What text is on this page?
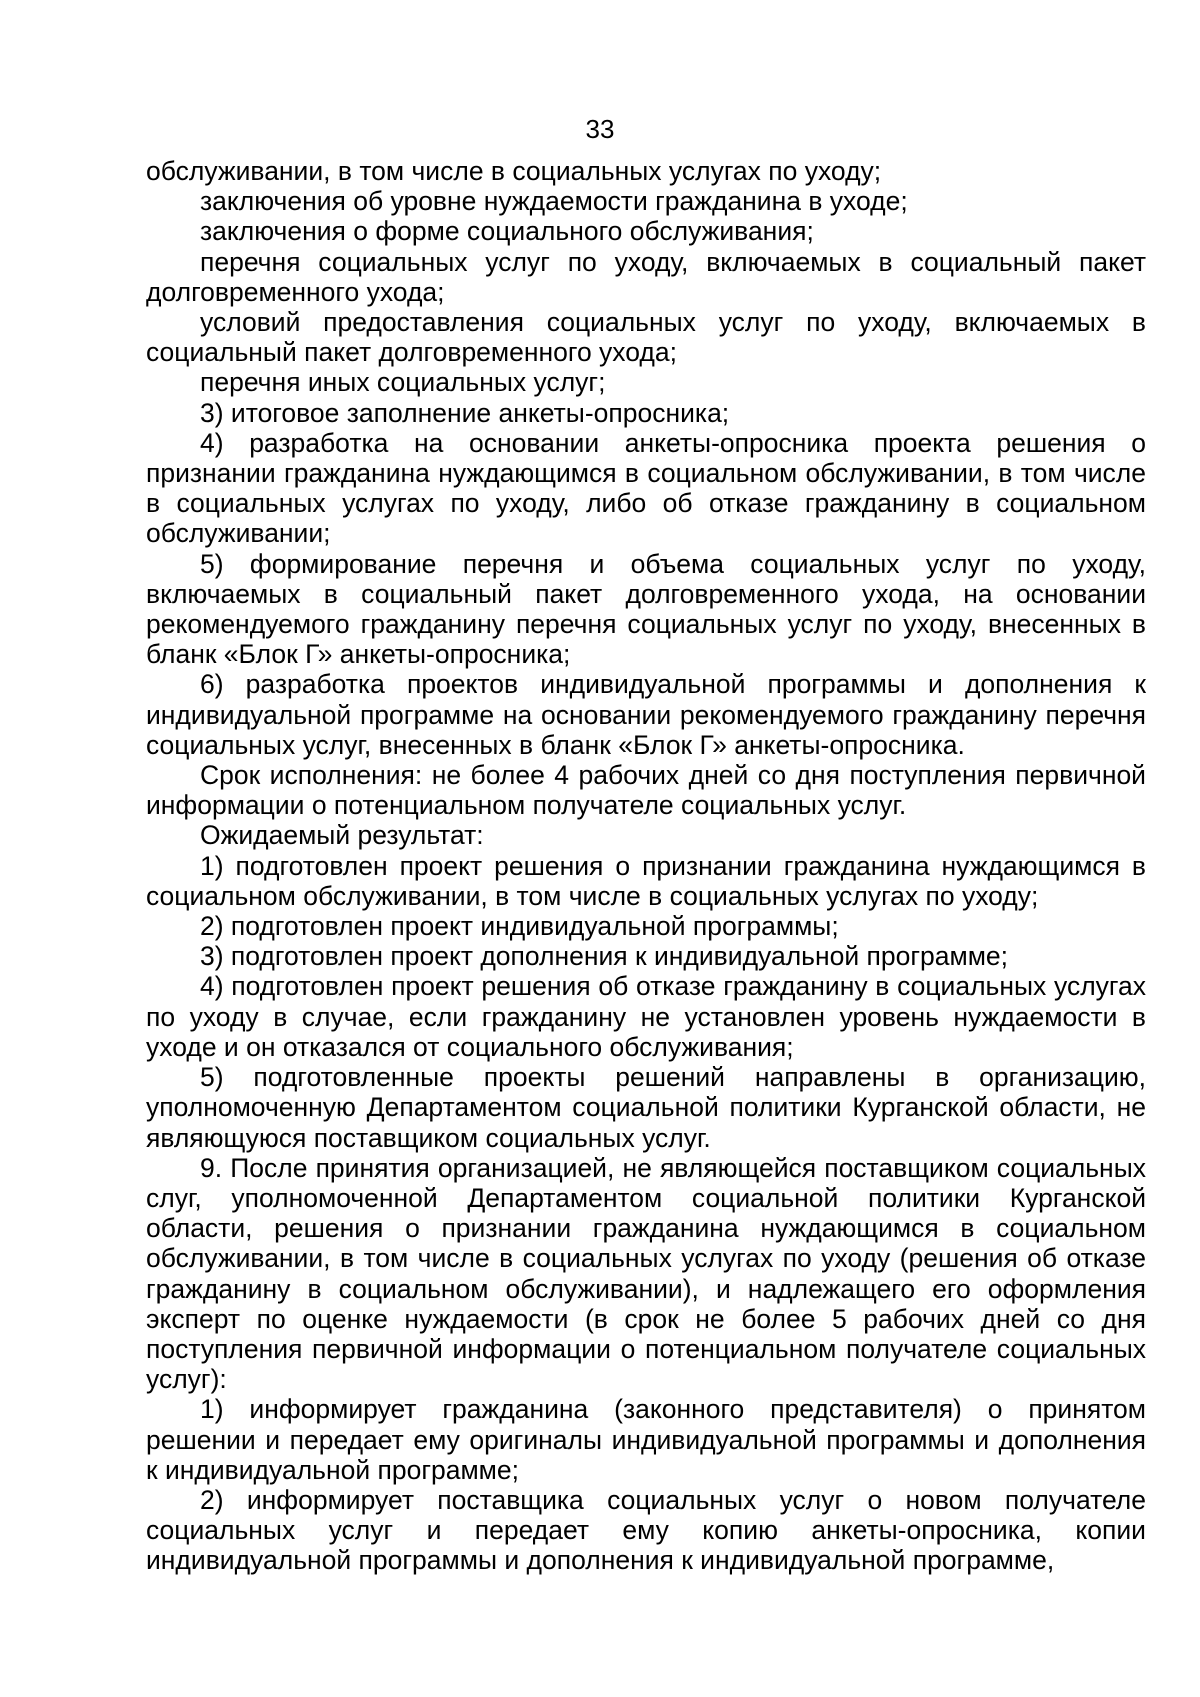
33

обслуживании, в том числе в социальных услугах по уходу;

заключения об уровне нуждаемости гражданина в уходе;

заключения о форме социального обслуживания;

перечня социальных услуг по уходу, включаемых в социальный пакет долговременного ухода;

условий предоставления социальных услуг по уходу, включаемых в социальный пакет долговременного ухода;

перечня иных социальных услуг;

3) итоговое заполнение анкеты-опросника;

4) разработка на основании анкеты-опросника проекта решения о признании гражданина нуждающимся в социальном обслуживании, в том числе в социальных услугах по уходу, либо об отказе гражданину в социальном обслуживании;

5) формирование перечня и объема социальных услуг по уходу, включаемых в социальный пакет долговременного ухода, на основании рекомендуемого гражданину перечня социальных услуг по уходу, внесенных в бланк «Блок Г» анкеты-опросника;

6) разработка проектов индивидуальной программы и дополнения к индивидуальной программе на основании рекомендуемого гражданину перечня социальных услуг, внесенных в бланк «Блок Г» анкеты-опросника.

Срок исполнения: не более 4 рабочих дней со дня поступления первичной информации о потенциальном получателе социальных услуг.

Ожидаемый результат:

1) подготовлен проект решения о признании гражданина нуждающимся в социальном обслуживании, в том числе в социальных услугах по уходу;

2) подготовлен проект индивидуальной программы;

3) подготовлен проект дополнения к индивидуальной программе;

4) подготовлен проект решения об отказе гражданину в социальных услугах по уходу в случае, если гражданину не установлен уровень нуждаемости в уходе и он отказался от социального обслуживания;

5) подготовленные проекты решений направлены в организацию, уполномоченную Департаментом социальной политики Курганской области, не являющуюся поставщиком социальных услуг.

9. После принятия организацией, не являющейся поставщиком социальных слуг, уполномоченной Департаментом социальной политики Курганской области, решения о признании гражданина нуждающимся в социальном обслуживании, в том числе в социальных услугах по уходу (решения об отказе гражданину в социальном обслуживании), и надлежащего его оформления эксперт по оценке нуждаемости (в срок не более 5 рабочих дней со дня поступления первичной информации о потенциальном получателе социальных услуг):

1) информирует гражданина (законного представителя) о принятом решении и передает ему оригиналы индивидуальной программы и дополнения к индивидуальной программе;

2) информирует поставщика социальных услуг о новом получателе социальных услуг и передает ему копию анкеты-опросника, копии индивидуальной программы и дополнения к индивидуальной программе,
